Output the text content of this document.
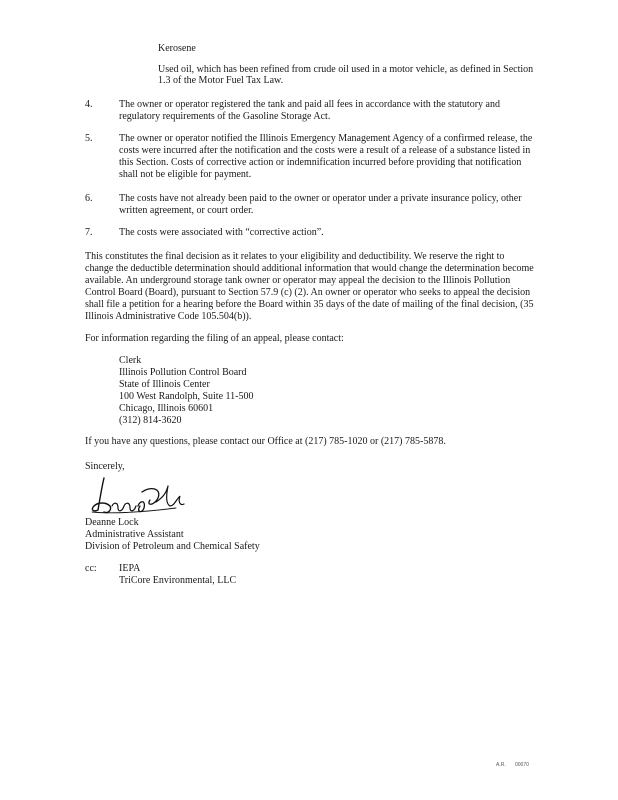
Kerosene
Used oil, which has been refined from crude oil used in a motor vehicle, as defined in Section
1.3 of the Motor Fuel Tax Law.
4.	The owner or operator registered the tank and paid all fees in accordance with the statutory and
regulatory requirements of the Gasoline Storage Act.
5.	The owner or operator notified the Illinois Emergency Management Agency of a confirmed release, the
costs were incurred after the notification and the costs were a result of a release of a substance listed in
this Section. Costs of corrective action or indemnification incurred before providing that notification
shall not be eligible for payment.
6.	The costs have not already been paid to the owner or operator under a private insurance policy, other
written agreement, or court order.
7.	The costs were associated with “corrective action”.
This constitutes the final decision as it relates to your eligibility and deductibility. We reserve the right to
change the deductible determination should additional information that would change the determination become
available. An underground storage tank owner or operator may appeal the decision to the Illinois Pollution
Control Board (Board), pursuant to Section 57.9 (c) (2). An owner or operator who seeks to appeal the decision
shall file a petition for a hearing before the Board within 35 days of the date of mailing of the final decision, (35
Illinois Administrative Code 105.504(b)).
For information regarding the filing of an appeal, please contact:
Clerk
Illinois Pollution Control Board
State of Illinois Center
100 West Randolph, Suite 11-500
Chicago, Illinois 60601
(312) 814-3620
If you have any questions, please contact our Office at (217) 785-1020 or (217) 785-5878.
Sincerely,
Deanne Lock
Administrative Assistant
Division of Petroleum and Chemical Safety
cc: IEPA
TriCore Environmental, LLC
A.R. 00070
